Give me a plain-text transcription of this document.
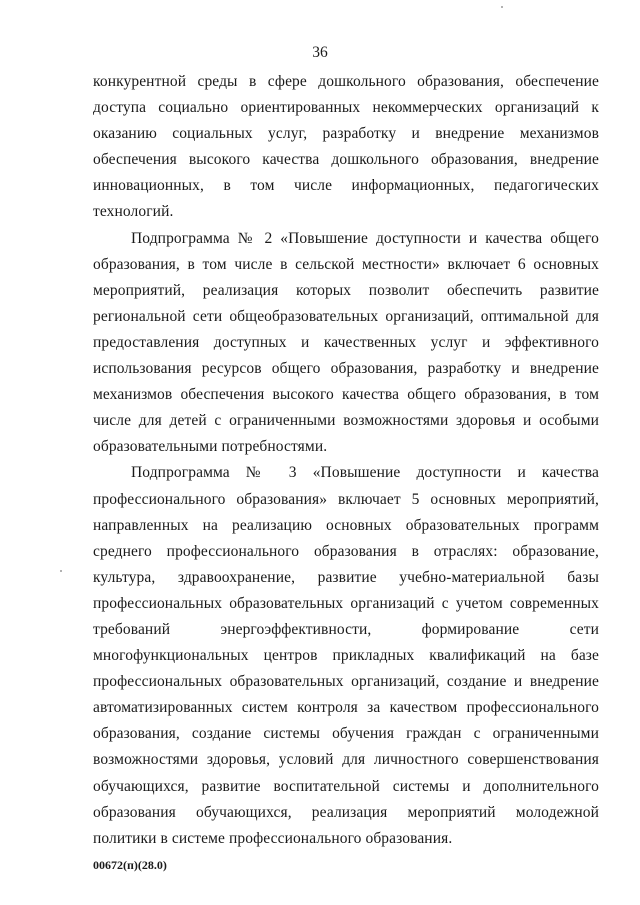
36

конкурентной среды в сфере дошкольного образования, обеспечение доступа социально ориентированных некоммерческих организаций к оказанию социальных услуг, разработку и внедрение механизмов обеспечения высокого качества дошкольного образования, внедрение инновационных, в том числе информационных, педагогических технологий.

Подпрограмма № 2 «Повышение доступности и качества общего образования, в том числе в сельской местности» включает 6 основных мероприятий, реализация которых позволит обеспечить развитие региональной сети общеобразовательных организаций, оптимальной для предоставления доступных и качественных услуг и эффективного использования ресурсов общего образования, разработку и внедрение механизмов обеспечения высокого качества общего образования, в том числе для детей с ограниченными возможностями здоровья и особыми образовательными потребностями.

Подпрограмма № 3 «Повышение доступности и качества профессионального образования» включает 5 основных мероприятий, направленных на реализацию основных образовательных программ среднего профессионального образования в отраслях: образование, культура, здравоохранение, развитие учебно-материальной базы профессиональных образовательных организаций с учетом современных требований энергоэффективности, формирование сети многофункциональных центров прикладных квалификаций на базе профессиональных образовательных организаций, создание и внедрение автоматизированных систем контроля за качеством профессионального образования, создание системы обучения граждан с ограниченными возможностями здоровья, условий для личностного совершенствования обучающихся, развитие воспитательной системы и дополнительного образования обучающихся, реализация мероприятий молодежной политики в системе профессионального образования.

00672(п)(28.0)
